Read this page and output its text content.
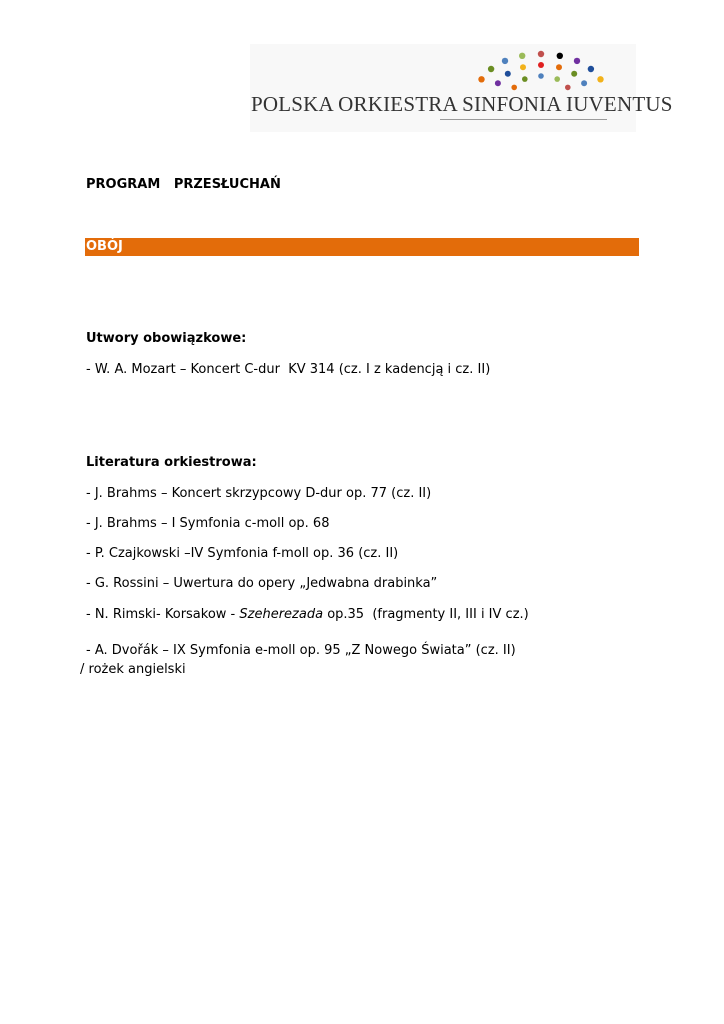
POLSKA ORKIESTRA SINFONIA IUVENTUS
PROGRAM   PRZESŁUCHAŃ
OBÓJ
Utwory obowiązkowe:

- W. A. Mozart – Koncert C-dur  KV 314 (cz. I z kadencją i cz. II)

Literatura orkiestrowa:

- J. Brahms – Koncert skrzypcowy D-dur op. 77 (cz. II)

- J. Brahms – I Symfonia c-moll op. 68

- P. Czajkowski –IV Symfonia f-moll op. 36 (cz. II)

- G. Rossini – Uwertura do opery „Jedwabna drabinka”

- N. Rimski- Korsakow - Szeherezada op.35  (fragmenty II, III i IV cz.)

- A. Dvořák – IX Symfonia e-moll op. 95 „Z Nowego Świata” (cz. II)

/ rożek angielski
